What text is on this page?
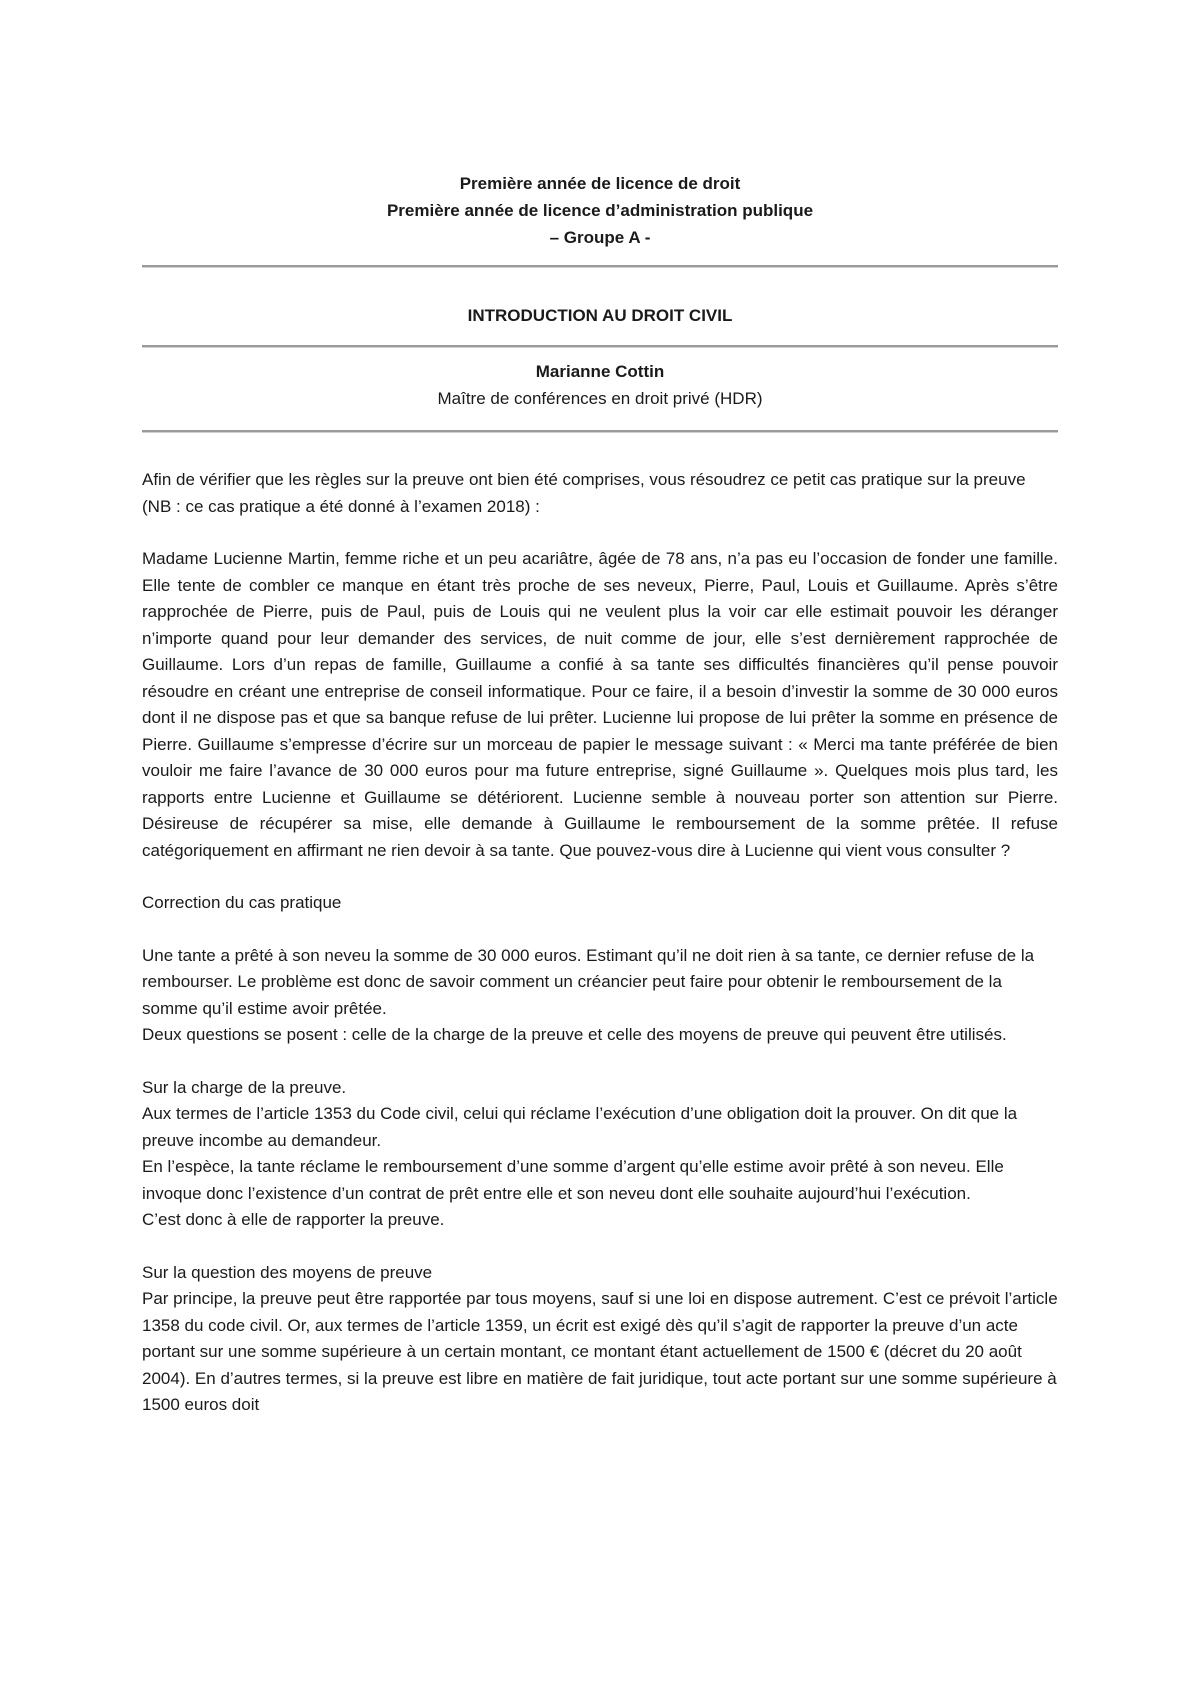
Première année de licence de droit
Première année de licence d’administration publique
– Groupe A -
INTRODUCTION AU DROIT CIVIL
Marianne Cottin
Maître de conférences en droit privé (HDR)

Afin de vérifier que les règles sur la preuve ont bien été comprises, vous résoudrez ce petit cas pratique sur la preuve (NB : ce cas pratique a été donné à l’examen 2018) :

Madame Lucienne Martin, femme riche et un peu acariâtre, âgée de 78 ans, n’a pas eu l’occasion de fonder une famille. Elle tente de combler ce manque en étant très proche de ses neveux, Pierre, Paul, Louis et Guillaume. Après s’être rapprochée de Pierre, puis de Paul, puis de Louis qui ne veulent plus la voir car elle estimait pouvoir les déranger n’importe quand pour leur demander des services, de nuit comme de jour, elle s’est dernièrement rapprochée de Guillaume. Lors d’un repas de famille, Guillaume a confié à sa tante ses difficultés financières qu’il pense pouvoir résoudre en créant une entreprise de conseil informatique. Pour ce faire, il a besoin d’investir la somme de 30 000 euros dont il ne dispose pas et que sa banque refuse de lui prêter. Lucienne lui propose de lui prêter la somme en présence de Pierre. Guillaume s’empresse d’écrire sur un morceau de papier le message suivant : « Merci ma tante préférée de bien vouloir me faire l’avance de 30 000 euros pour ma future entreprise, signé Guillaume ». Quelques mois plus tard, les rapports entre Lucienne et Guillaume se détériorent. Lucienne semble à nouveau porter son attention sur Pierre. Désireuse de récupérer sa mise, elle demande à Guillaume le remboursement de la somme prêtée. Il refuse catégoriquement en affirmant ne rien devoir à sa tante. Que pouvez-vous dire à Lucienne qui vient vous consulter ?

Correction du cas pratique

Une tante a prêté à son neveu la somme de 30 000 euros. Estimant qu’il ne doit rien à sa tante, ce dernier refuse de la rembourser. Le problème est donc de savoir comment un créancier peut faire pour obtenir le remboursement de la somme qu’il estime avoir prêtée.

Deux questions se posent : celle de la charge de la preuve et celle des moyens de preuve qui peuvent être utilisés.

Sur la charge de la preuve.

Aux termes de l’article 1353 du Code civil, celui qui réclame l’exécution d’une obligation doit la prouver. On dit que la preuve incombe au demandeur.

En l’espèce, la tante réclame le remboursement d’une somme d’argent qu’elle estime avoir prêté à son neveu. Elle invoque donc l’existence d’un contrat de prêt entre elle et son neveu dont elle souhaite aujourd’hui l’exécution.

C’est donc à elle de rapporter la preuve.

Sur la question des moyens de preuve

Par principe, la preuve peut être rapportée par tous moyens, sauf si une loi en dispose autrement. C’est ce prévoit l’article 1358 du code civil. Or, aux termes de l’article 1359, un écrit est exigé dès qu’il s’agit de rapporter la preuve d’un acte portant sur une somme supérieure à un certain montant, ce montant étant actuellement de 1500 € (décret du 20 août 2004). En d’autres termes, si la preuve est libre en matière de fait juridique, tout acte portant sur une somme supérieure à 1500 euros doit
